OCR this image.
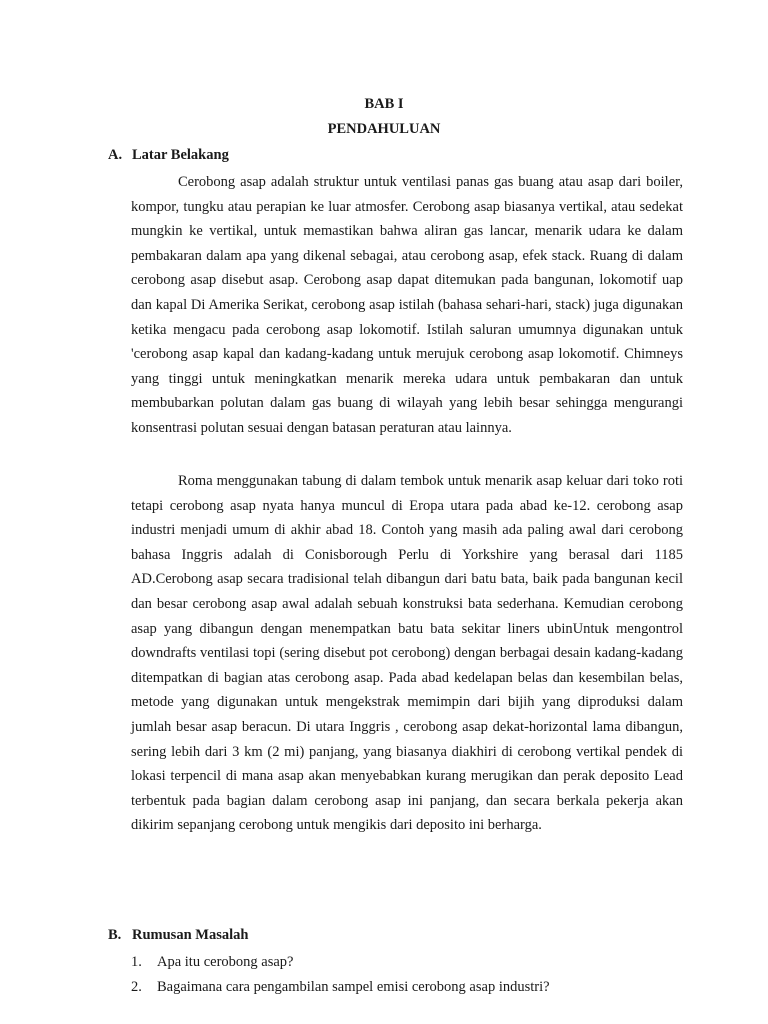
BAB I
PENDAHULUAN
A. Latar Belakang

Cerobong asap adalah struktur untuk ventilasi panas gas buang atau asap dari boiler, kompor, tungku atau perapian ke luar atmosfer. Cerobong asap biasanya vertikal, atau sedekat mungkin ke vertikal, untuk memastikan bahwa aliran gas lancar, menarik udara ke dalam pembakaran dalam apa yang dikenal sebagai, atau cerobong asap, efek stack. Ruang di dalam cerobong asap disebut asap. Cerobong asap dapat ditemukan pada bangunan, lokomotif uap dan kapal Di Amerika Serikat, cerobong asap istilah (bahasa sehari-hari, stack) juga digunakan ketika mengacu pada cerobong asap lokomotif. Istilah saluran umumnya digunakan untuk 'cerobong asap kapal dan kadang-kadang untuk merujuk cerobong asap lokomotif. Chimneys yang tinggi untuk meningkatkan menarik mereka udara untuk pembakaran dan untuk membubarkan polutan dalam gas buang di wilayah yang lebih besar sehingga mengurangi konsentrasi polutan sesuai dengan batasan peraturan atau lainnya.

Roma menggunakan tabung di dalam tembok untuk menarik asap keluar dari toko roti tetapi cerobong asap nyata hanya muncul di Eropa utara pada abad ke-12. cerobong asap industri menjadi umum di akhir abad 18. Contoh yang masih ada paling awal dari cerobong bahasa Inggris adalah di Conisborough Perlu di Yorkshire yang berasal dari 1185 AD.Cerobong asap secara tradisional telah dibangun dari batu bata, baik pada bangunan kecil dan besar cerobong asap awal adalah sebuah konstruksi bata sederhana. Kemudian cerobong asap yang dibangun dengan menempatkan batu bata sekitar liners ubinUntuk mengontrol downdrafts ventilasi topi (sering disebut pot cerobong) dengan berbagai desain kadang-kadang ditempatkan di bagian atas cerobong asap. Pada abad kedelapan belas dan kesembilan belas, metode yang digunakan untuk mengekstrak memimpin dari bijih yang diproduksi dalam jumlah besar asap beracun. Di utara Inggris , cerobong asap dekat-horizontal lama dibangun, sering lebih dari 3 km (2 mi) panjang, yang biasanya diakhiri di cerobong vertikal pendek di lokasi terpencil di mana asap akan menyebabkan kurang merugikan dan perak deposito Lead terbentuk pada bagian dalam cerobong asap ini panjang, dan secara berkala pekerja akan dikirim sepanjang cerobong untuk mengikis dari deposito ini berharga.

B. Rumusan Masalah
1. Apa itu cerobong asap?
2. Bagaimana cara pengambilan sampel emisi cerobong asap industri?
